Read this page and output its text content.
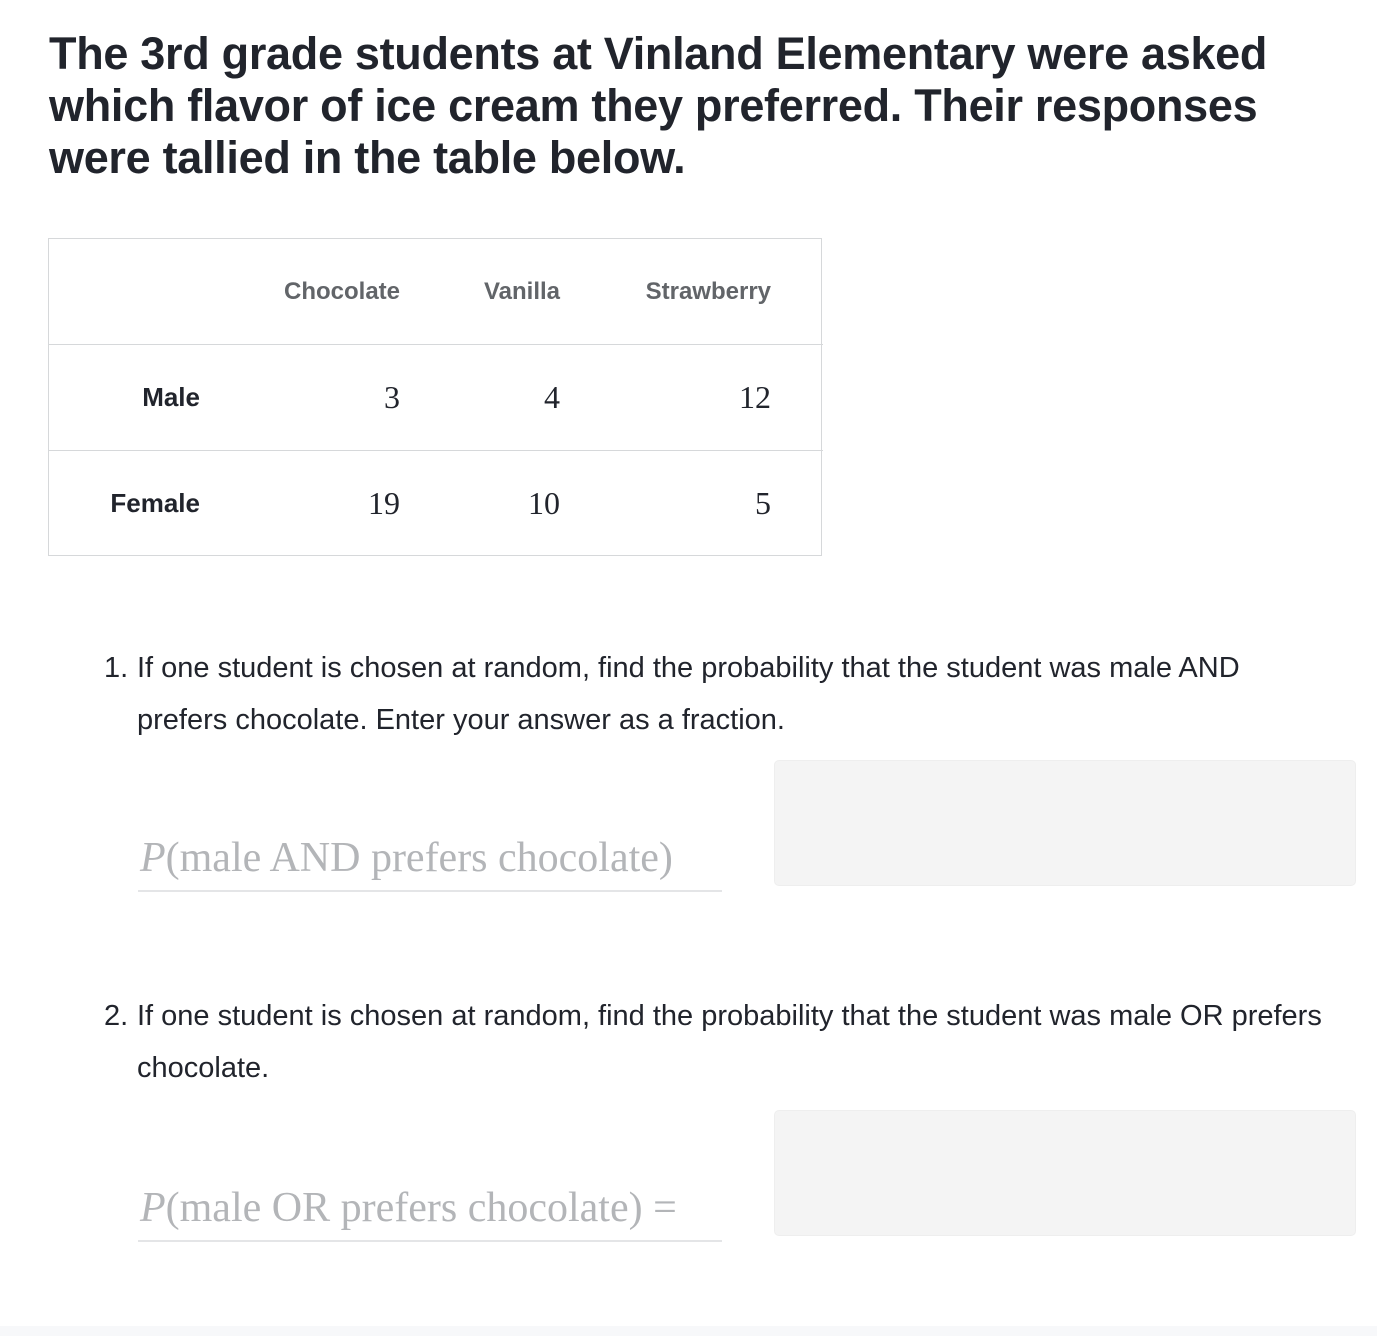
The 3rd grade students at Vinland Elementary were asked which flavor of ice cream they preferred. Their responses were tallied in the table below.
	Chocolate	Vanilla	Strawberry	
Male	3	4	12	
Female	19	10	5	
1. If one student is chosen at random, find the probability that the student was male AND prefers chocolate. Enter your answer as a fraction.
P(male AND prefers chocolate)
2. If one student is chosen at random, find the probability that the student was male OR prefers chocolate.
P(male OR prefers chocolate) =
